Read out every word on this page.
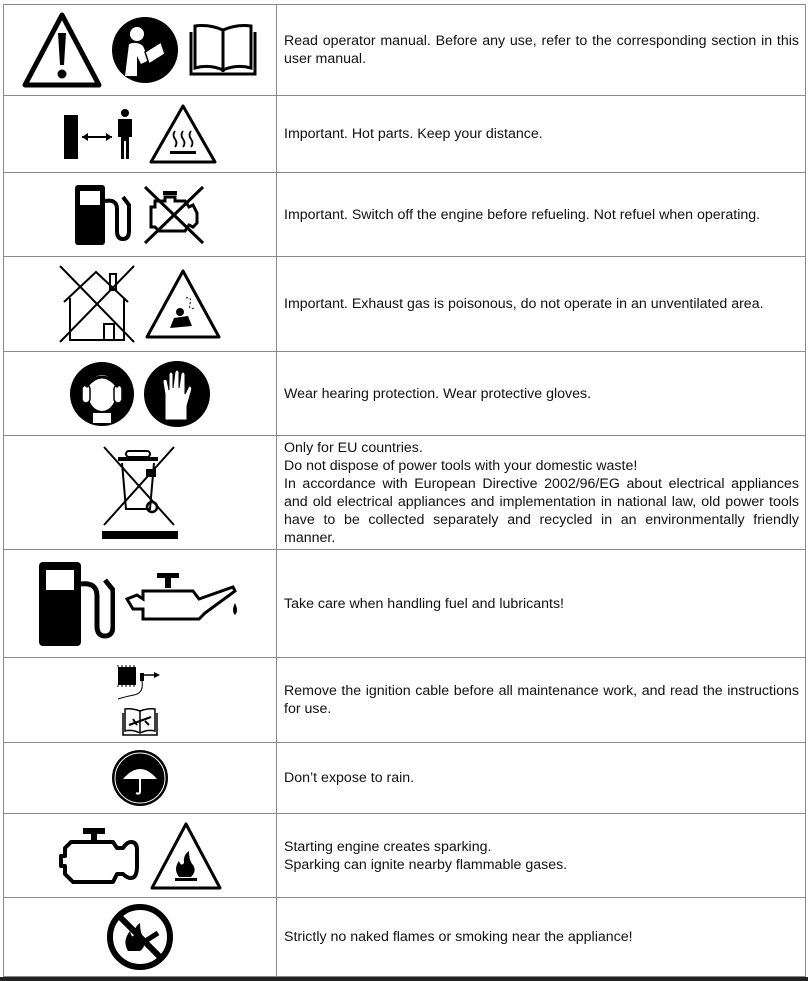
Read operator manual. Before any use, refer to the corresponding section in this user manual.

Important. Hot parts. Keep your distance.

Important. Switch off the engine before refueling. Not refuel when operating.

Important. Exhaust gas is poisonous, do not operate in an unventilated area.

Wear hearing protection. Wear protective gloves.

Only for EU countries.
Do not dispose of power tools with your domestic waste!
In accordance with European Directive 2002/96/EG about electrical appliances and old electrical appliances and implementation in national law, old power tools have to be collected separately and recycled in an environmentally friendly manner.

Take care when handling fuel and lubricants!

Remove the ignition cable before all maintenance work, and read the instructions for use.

Don’t expose to rain.

Starting engine creates sparking.
Sparking can ignite nearby flammable gases.

Strictly no naked flames or smoking near the appliance!
